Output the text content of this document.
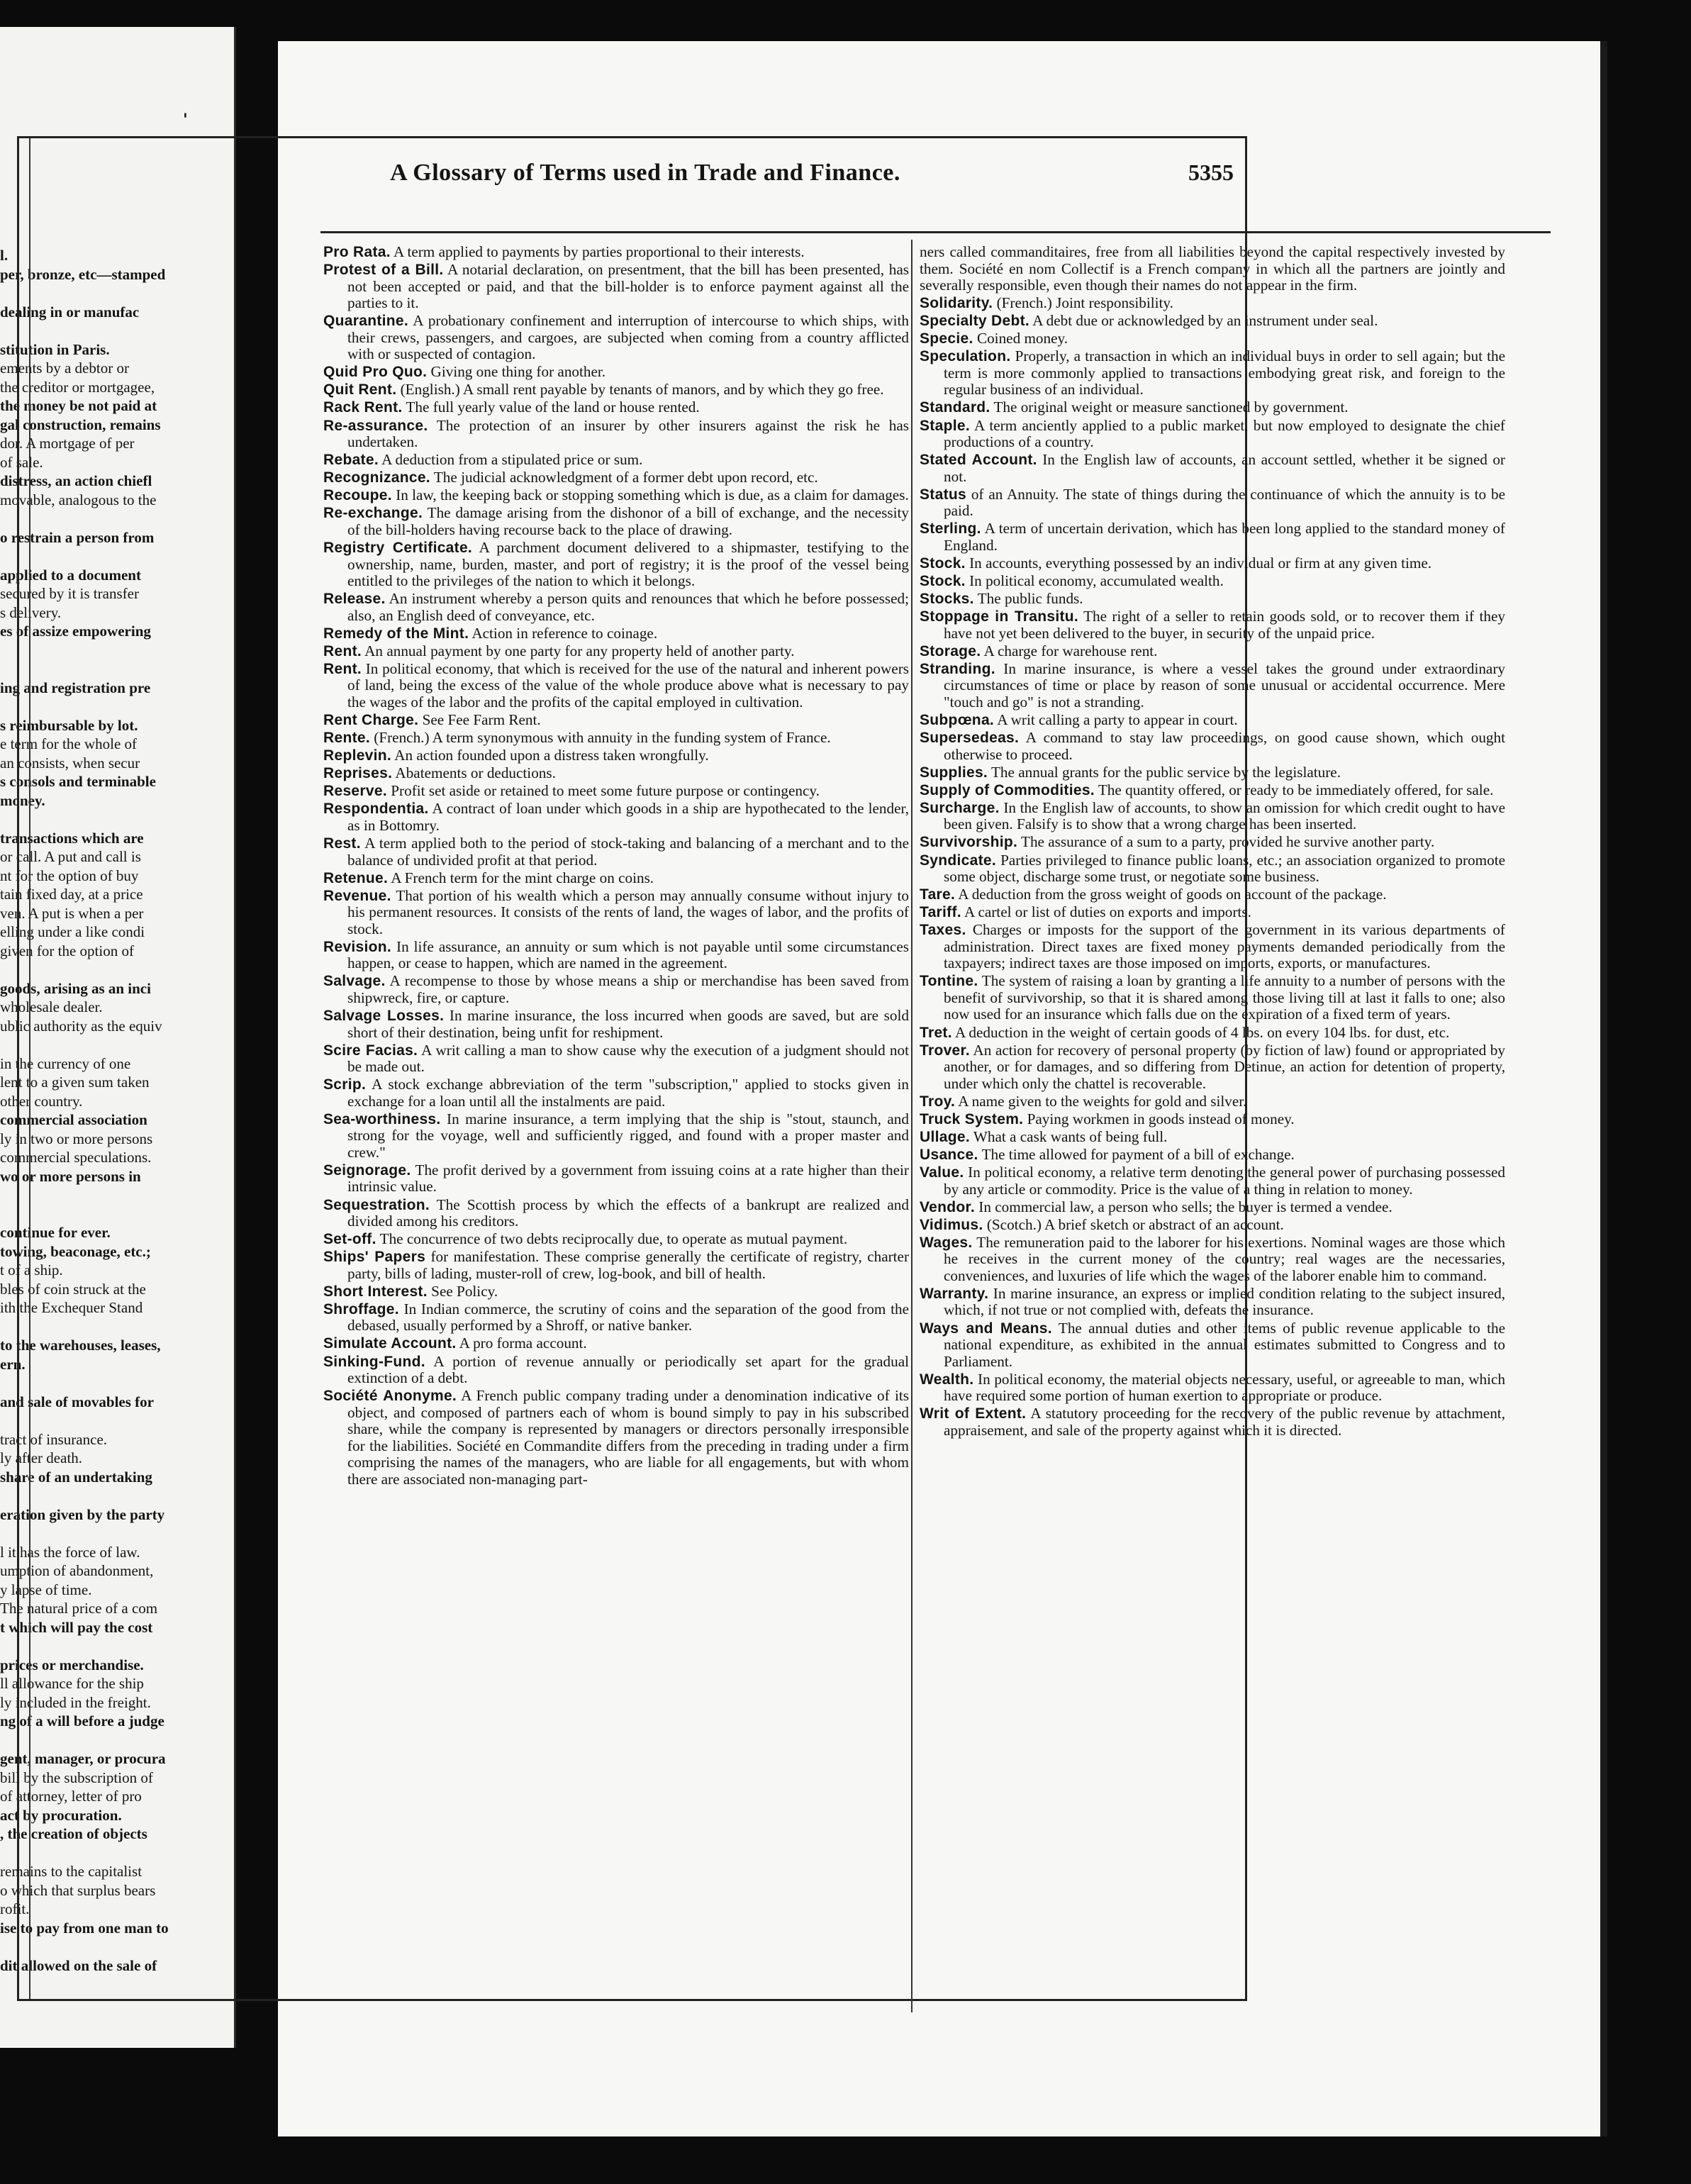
'
l.
per, bronze, etc—stamped
dealing in or manufac
stitution in Paris.
ements by a debtor or
the creditor or mortgagee,
the money be not paid at
gal construction, remains
dor. A mortgage of per
of sale.
distress, an action chiefl
movable, analogous to the
o restrain a person from
applied to a document
secured by it is transfer
s delivery.
es of assize empowering
ing and registration pre
s reimbursable by lot.
e term for the whole of
an consists, when secur
s consols and terminable
money.
transactions which are
or call. A put and call is
nt for the option of buy
tain fixed day, at a price
ven. A put is when a per
elling under a like condi
given for the option of
goods, arising as an inci
wholesale dealer.
ublic authority as the equiv
in the currency of one
lent to a given sum taken
other country.
commercial association
ly in two or more persons
commercial speculations.
wo or more persons in
continue for ever.
towing, beaconage, etc.;
t of a ship.
bles of coin struck at the
ith the Exchequer Stand
to the warehouses, leases,
ern.
and sale of movables for
tract of insurance.
ly after death.
share of an undertaking
eration given by the party
l it has the force of law.
umption of abandonment,
y lapse of time.
The natural price of a com
t which will pay the cost
prices or merchandise.
ll allowance for the ship
ly included in the freight.
ng of a will before a judge
gent, manager, or procura
bill by the subscription of
of attorney, letter of pro
act by procuration.
, the creation of objects
remains to the capitalist
o which that surplus bears
rofit.
ise to pay from one man to
dit allowed on the sale of
A Glossary of Terms used in Trade and Finance.	5355
Pro Rata. A term applied to payments by parties proportional to their interests.
Protest of a Bill. A notarial declaration, on presentment, that the bill has been presented, has not been accepted or paid, and that the bill-holder is to enforce payment against all the parties to it.
Quarantine. A probationary confinement and interruption of intercourse to which ships, with their crews, passengers, and cargoes, are subjected when coming from a country afflicted with or suspected of contagion.
Quid Pro Quo. Giving one thing for another.
Quit Rent. (English.) A small rent payable by tenants of manors, and by which they go free.
Rack Rent. The full yearly value of the land or house rented.
Re-assurance. The protection of an insurer by other insurers against the risk he has undertaken.
Rebate. A deduction from a stipulated price or sum.
Recognizance. The judicial acknowledgment of a former debt upon record, etc.
Recoupe. In law, the keeping back or stopping something which is due, as a claim for damages.
Re-exchange. The damage arising from the dishonor of a bill of exchange, and the necessity of the bill-holders having recourse back to the place of drawing.
Registry Certificate. A parchment document delivered to a shipmaster, testifying to the ownership, name, burden, master, and port of registry; it is the proof of the vessel being entitled to the privileges of the nation to which it belongs.
Release. An instrument whereby a person quits and renounces that which he before possessed; also, an English deed of conveyance, etc.
Remedy of the Mint. Action in reference to coinage.
Rent. An annual payment by one party for any property held of another party.
Rent. In political economy, that which is received for the use of the natural and inherent powers of land, being the excess of the value of the whole produce above what is necessary to pay the wages of the labor and the profits of the capital employed in cultivation.
Rent Charge. See Fee Farm Rent.
Rente. (French.) A term synonymous with annuity in the funding system of France.
Replevin. An action founded upon a distress taken wrongfully.
Reprises. Abatements or deductions.
Reserve. Profit set aside or retained to meet some future purpose or contingency.
Respondentia. A contract of loan under which goods in a ship are hypothecated to the lender, as in Bottomry.
Rest. A term applied both to the period of stock-taking and balancing of a merchant and to the balance of undivided profit at that period.
Retenue. A French term for the mint charge on coins.
Revenue. That portion of his wealth which a person may annually consume without injury to his permanent resources. It consists of the rents of land, the wages of labor, and the profits of stock.
Revision. In life assurance, an annuity or sum which is not payable until some circumstances happen, or cease to happen, which are named in the agreement.
Salvage. A recompense to those by whose means a ship or merchandise has been saved from shipwreck, fire, or capture.
Salvage Losses. In marine insurance, the loss incurred when goods are saved, but are sold short of their destination, being unfit for reshipment.
Scire Facias. A writ calling a man to show cause why the execution of a judgment should not be made out.
Scrip. A stock exchange abbreviation of the term "subscription," applied to stocks given in exchange for a loan until all the instalments are paid.
Sea-worthiness. In marine insurance, a term implying that the ship is "stout, staunch, and strong for the voyage, well and sufficiently rigged, and found with a proper master and crew."
Seignorage. The profit derived by a government from issuing coins at a rate higher than their intrinsic value.
Sequestration. The Scottish process by which the effects of a bankrupt are realized and divided among his creditors.
Set-off. The concurrence of two debts reciprocally due, to operate as mutual payment.
Ships' Papers for manifestation. These comprise generally the certificate of registry, charter party, bills of lading, muster-roll of crew, log-book, and bill of health.
Short Interest. See Policy.
Shroffage. In Indian commerce, the scrutiny of coins and the separation of the good from the debased, usually performed by a Shroff, or native banker.
Simulate Account. A pro forma account.
Sinking-Fund. A portion of revenue annually or periodically set apart for the gradual extinction of a debt.
Société Anonyme. A French public company trading under a denomination indicative of its object, and composed of partners each of whom is bound simply to pay in his subscribed share, while the company is represented by managers or directors personally irresponsible for the liabilities. Société en Commandite differs from the preceding in trading under a firm comprising the names of the managers, who are liable for all engagements, but with whom there are associated non-managing part-
ners called commanditaires, free from all liabilities beyond the capital respectively invested by them. Société en nom Collectif is a French company in which all the partners are jointly and severally responsible, even though their names do not appear in the firm.
Solidarity. (French.) Joint responsibility.
Specialty Debt. A debt due or acknowledged by an instrument under seal.
Specie. Coined money.
Speculation. Properly, a transaction in which an individual buys in order to sell again; but the term is more commonly applied to transactions embodying great risk, and foreign to the regular business of an individual.
Standard. The original weight or measure sanctioned by government.
Staple. A term anciently applied to a public market, but now employed to designate the chief productions of a country.
Stated Account. In the English law of accounts, an account settled, whether it be signed or not.
Status of an Annuity. The state of things during the continuance of which the annuity is to be paid.
Sterling. A term of uncertain derivation, which has been long applied to the standard money of England.
Stock. In accounts, everything possessed by an individual or firm at any given time.
Stock. In political economy, accumulated wealth.
Stocks. The public funds.
Stoppage in Transitu. The right of a seller to retain goods sold, or to recover them if they have not yet been delivered to the buyer, in security of the unpaid price.
Storage. A charge for warehouse rent.
Stranding. In marine insurance, is where a vessel takes the ground under extraordinary circumstances of time or place by reason of some unusual or accidental occurrence. Mere "touch and go" is not a stranding.
Subpœna. A writ calling a party to appear in court.
Supersedeas. A command to stay law proceedings, on good cause shown, which ought otherwise to proceed.
Supplies. The annual grants for the public service by the legislature.
Supply of Commodities. The quantity offered, or ready to be immediately offered, for sale.
Surcharge. In the English law of accounts, to show an omission for which credit ought to have been given. Falsify is to show that a wrong charge has been inserted.
Survivorship. The assurance of a sum to a party, provided he survive another party.
Syndicate. Parties privileged to finance public loans, etc.; an association organized to promote some object, discharge some trust, or negotiate some business.
Tare. A deduction from the gross weight of goods on account of the package.
Tariff. A cartel or list of duties on exports and imports.
Taxes. Charges or imposts for the support of the government in its various departments of administration. Direct taxes are fixed money payments demanded periodically from the taxpayers; indirect taxes are those imposed on imports, exports, or manufactures.
Tontine. The system of raising a loan by granting a life annuity to a number of persons with the benefit of survivorship, so that it is shared among those living till at last it falls to one; also now used for an insurance which falls due on the expiration of a fixed term of years.
Tret. A deduction in the weight of certain goods of 4 lbs. on every 104 lbs. for dust, etc.
Trover. An action for recovery of personal property (by fiction of law) found or appropriated by another, or for damages, and so differing from Detinue, an action for detention of property, under which only the chattel is recoverable.
Troy. A name given to the weights for gold and silver.
Truck System. Paying workmen in goods instead of money.
Ullage. What a cask wants of being full.
Usance. The time allowed for payment of a bill of exchange.
Value. In political economy, a relative term denoting the general power of purchasing possessed by any article or commodity. Price is the value of a thing in relation to money.
Vendor. In commercial law, a person who sells; the buyer is termed a vendee.
Vidimus. (Scotch.) A brief sketch or abstract of an account.
Wages. The remuneration paid to the laborer for his exertions. Nominal wages are those which he receives in the current money of the country; real wages are the necessaries, conveniences, and luxuries of life which the wages of the laborer enable him to command.
Warranty. In marine insurance, an express or implied condition relating to the subject insured, which, if not true or not complied with, defeats the insurance.
Ways and Means. The annual duties and other items of public revenue applicable to the national expenditure, as exhibited in the annual estimates submitted to Congress and to Parliament.
Wealth. In political economy, the material objects necessary, useful, or agreeable to man, which have required some portion of human exertion to appropriate or produce.
Writ of Extent. A statutory proceeding for the recovery of the public revenue by attachment, appraisement, and sale of the property against which it is directed.
